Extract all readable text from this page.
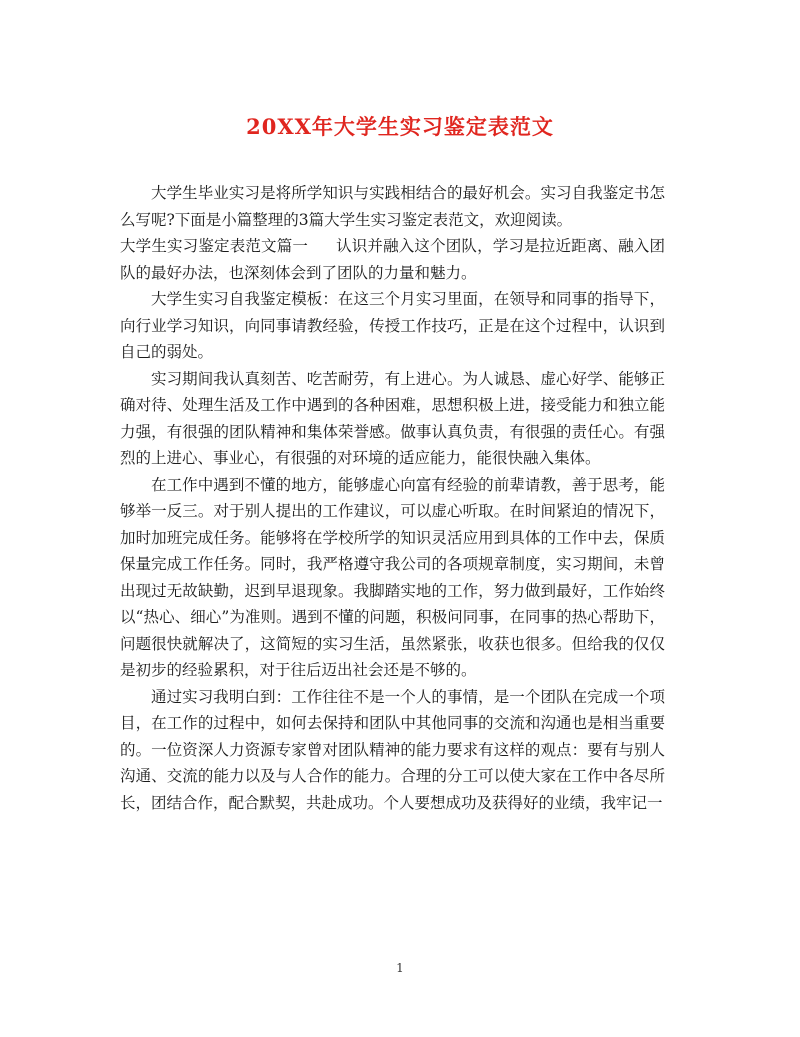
20XX年大学生实习鉴定表范文

大学生毕业实习是将所学知识与实践相结合的最好机会。实习自我鉴定书怎么写呢?下面是小篇整理的3篇大学生实习鉴定表范文，欢迎阅读。

大学生实习鉴定表范文篇一 认识并融入这个团队，学习是拉近距离、融入团队的最好办法，也深刻体会到了团队的力量和魅力。

大学生实习自我鉴定模板：在这三个月实习里面，在领导和同事的指导下，向行业学习知识，向同事请教经验，传授工作技巧，正是在这个过程中，认识到自己的弱处。

实习期间我认真刻苦、吃苦耐劳，有上进心。为人诚恳、虚心好学、能够正确对待、处理生活及工作中遇到的各种困难，思想积极上进，接受能力和独立能力强，有很强的团队精神和集体荣誉感。做事认真负责，有很强的责任心。有强烈的上进心、事业心，有很强的对环境的适应能力，能很快融入集体。

在工作中遇到不懂的地方，能够虚心向富有经验的前辈请教，善于思考，能够举一反三。对于别人提出的工作建议，可以虚心听取。在时间紧迫的情况下，加时加班完成任务。能够将在学校所学的知识灵活应用到具体的工作中去，保质保量完成工作任务。同时，我严格遵守我公司的各项规章制度，实习期间，未曾出现过无故缺勤，迟到早退现象。我脚踏实地的工作，努力做到最好，工作始终以“热心、细心”为准则。遇到不懂的问题，积极问同事，在同事的热心帮助下，问题很快就解决了，这简短的实习生活，虽然紧张，收获也很多。但给我的仅仅是初步的经验累积，对于往后迈出社会还是不够的。

通过实习我明白到：工作往往不是一个人的事情，是一个团队在完成一个项目，在工作的过程中，如何去保持和团队中其他同事的交流和沟通也是相当重要的。一位资深人力资源专家曾对团队精神的能力要求有这样的观点：要有与别人沟通、交流的能力以及与人合作的能力。合理的分工可以使大家在工作中各尽所长，团结合作，配合默契，共赴成功。个人要想成功及获得好的业绩，我牢记一

1
